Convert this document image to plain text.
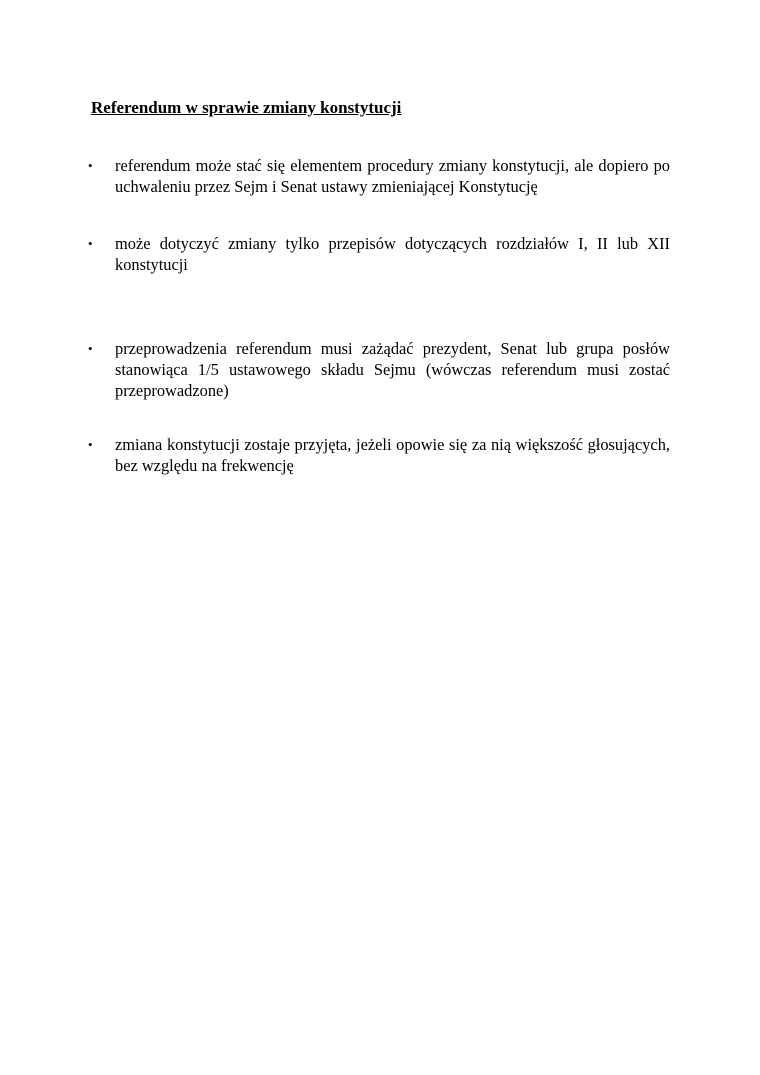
Referendum w sprawie zmiany konstytucji
• referendum może stać się elementem procedury zmiany konstytucji, ale dopiero po uchwaleniu przez Sejm i Senat ustawy zmieniającej Konstytucję

• może dotyczyć zmiany tylko przepisów dotyczących rozdziałów I, II lub XII konstytucji

• przeprowadzenia referendum musi zażądać prezydent, Senat lub grupa posłów stanowiąca 1/5 ustawowego składu Sejmu (wówczas referendum musi zostać przeprowadzone)

• zmiana konstytucji zostaje przyjęta, jeżeli opowie się za nią większość głosujących, bez względu na frekwencję
